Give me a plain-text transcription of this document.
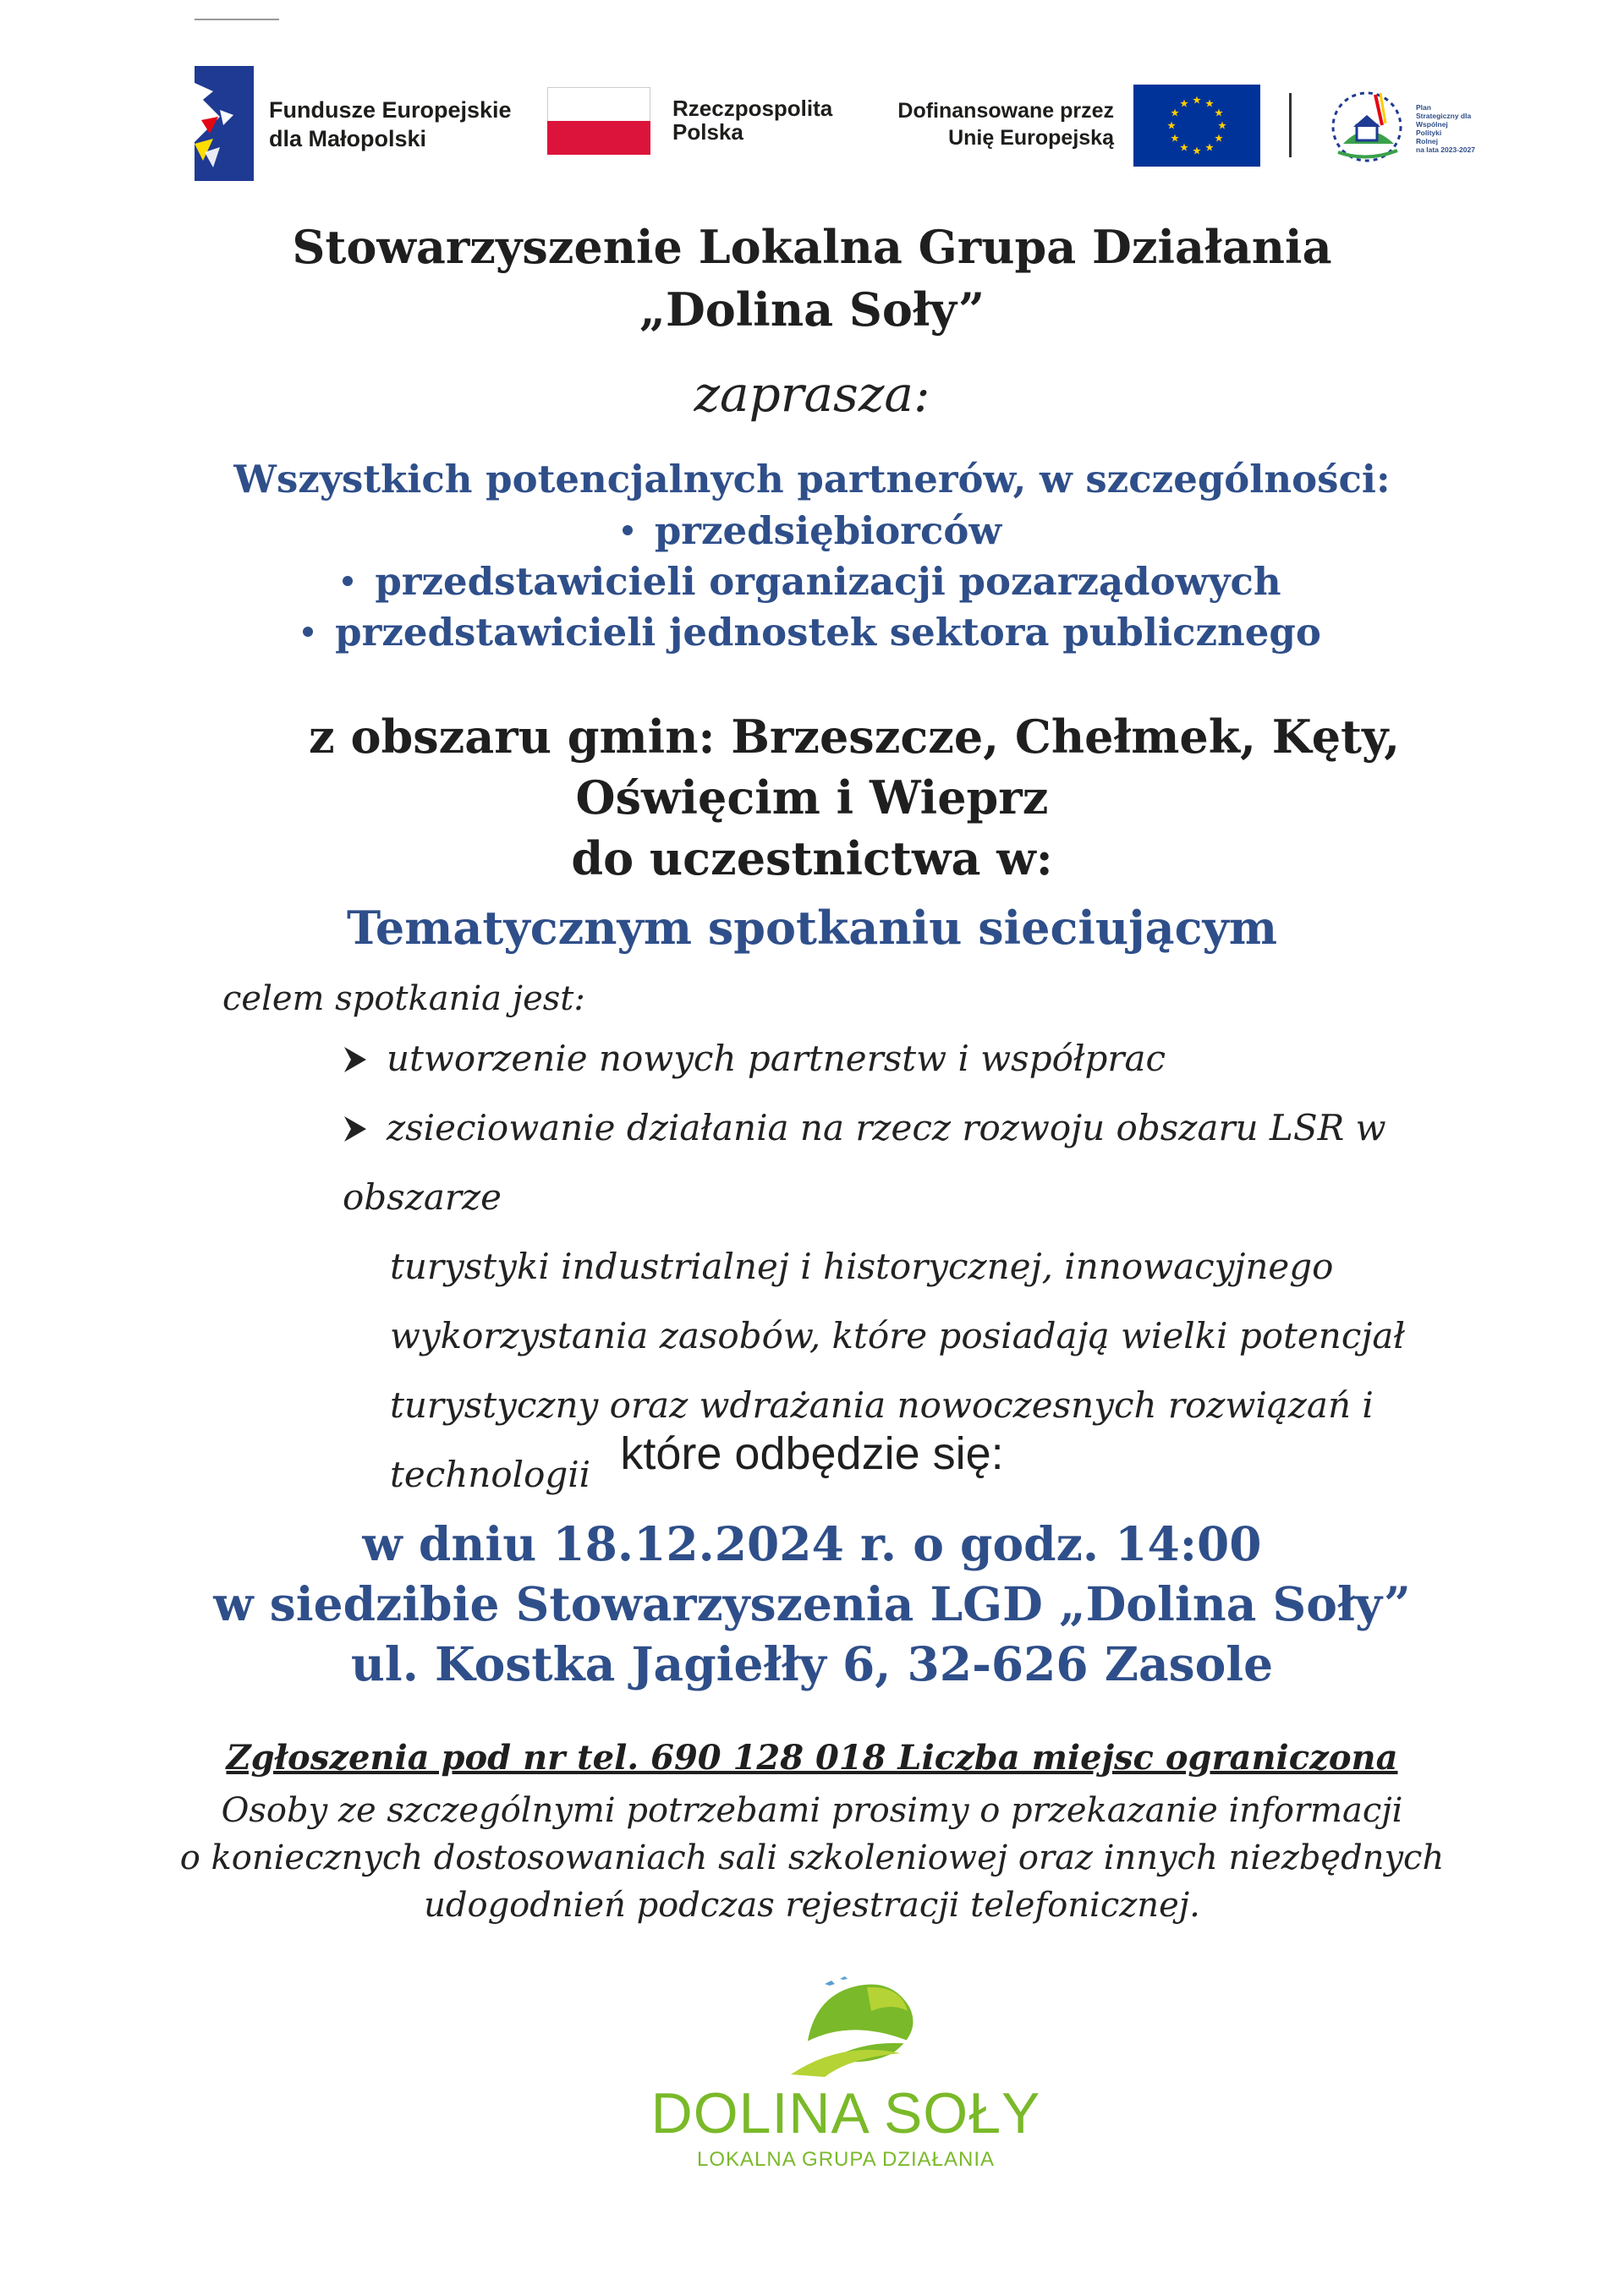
Fundusze Europejskie
dla Małopolski
Rzeczpospolita
Polska
Dofinansowane przez
Unię Europejską
Plan
Strategiczny dla
Wspólnej
Polityki
Rolnej
na lata 2023-2027
Stowarzyszenie Lokalna Grupa Działania
„Dolina Soły”
zaprasza:
Wszystkich potencjalnych partnerów, w szczególności:
przedsiębiorców
przedstawicieli organizacji pozarządowych
przedstawicieli jednostek sektora publicznego
z obszaru gmin: Brzeszcze, Chełmek, Kęty,
Oświęcim i Wieprz
do uczestnictwa w:
Tematycznym spotkaniu sieciującym
celem spotkania jest:
utworzenie nowych partnerstw i współprac
zsieciowanie działania na rzecz rozwoju obszaru LSR w obszarze
turystyki industrialnej i historycznej, innowacyjnego
wykorzystania zasobów, które posiadają wielki potencjał
turystyczny oraz wdrażania nowoczesnych rozwiązań i technologii które odbędzie się:
w dniu 18.12.2024 r. o godz. 14:00
w siedzibie Stowarzyszenia LGD „Dolina Soły”
ul. Kostka Jagiełły 6, 32-626 Zasole
Zgłoszenia pod nr tel. 690 128 018 Liczba miejsc ograniczona
Osoby ze szczególnymi potrzebami prosimy o przekazanie informacji
o koniecznych dostosowaniach sali szkoleniowej oraz innych niezbędnych
udogodnień podczas rejestracji telefonicznej.
DOLINA SOŁY
LOKALNA GRUPA DZIAŁANIA
